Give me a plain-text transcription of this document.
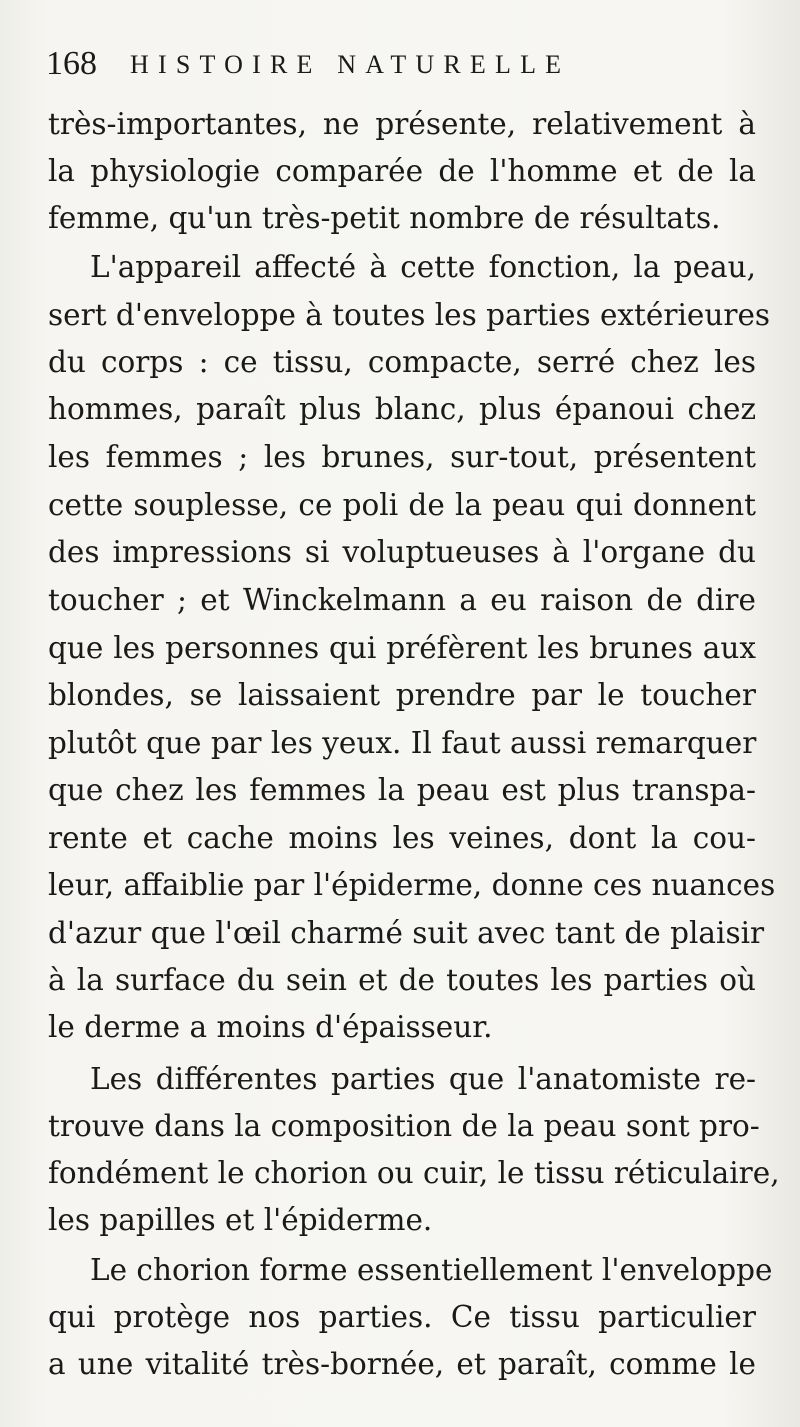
168 HISTOIRE NATURELLE
très-importantes, ne présente, relativement à
la physiologie comparée de l'homme et de la
femme, qu'un très-petit nombre de résultats.
L'appareil affecté à cette fonction, la peau,
sert d'enveloppe à toutes les parties extérieures
du corps : ce tissu, compacte, serré chez les
hommes, paraît plus blanc, plus épanoui chez
les femmes ; les brunes, sur-tout, présentent
cette souplesse, ce poli de la peau qui donnent
des impressions si voluptueuses à l'organe du
toucher ; et Winckelmann a eu raison de dire
que les personnes qui préfèrent les brunes aux
blondes, se laissaient prendre par le toucher
plutôt que par les yeux. Il faut aussi remarquer
que chez les femmes la peau est plus transpa-
rente et cache moins les veines, dont la cou-
leur, affaiblie par l'épiderme, donne ces nuances
d'azur que l'œil charmé suit avec tant de plaisir
à la surface du sein et de toutes les parties où
le derme a moins d'épaisseur.
Les différentes parties que l'anatomiste re-
trouve dans la composition de la peau sont pro-
fondément le chorion ou cuir, le tissu réticulaire,
les papilles et l'épiderme.
Le chorion forme essentiellement l'enveloppe
qui protège nos parties. Ce tissu particulier
a une vitalité très-bornée, et paraît, comme le
